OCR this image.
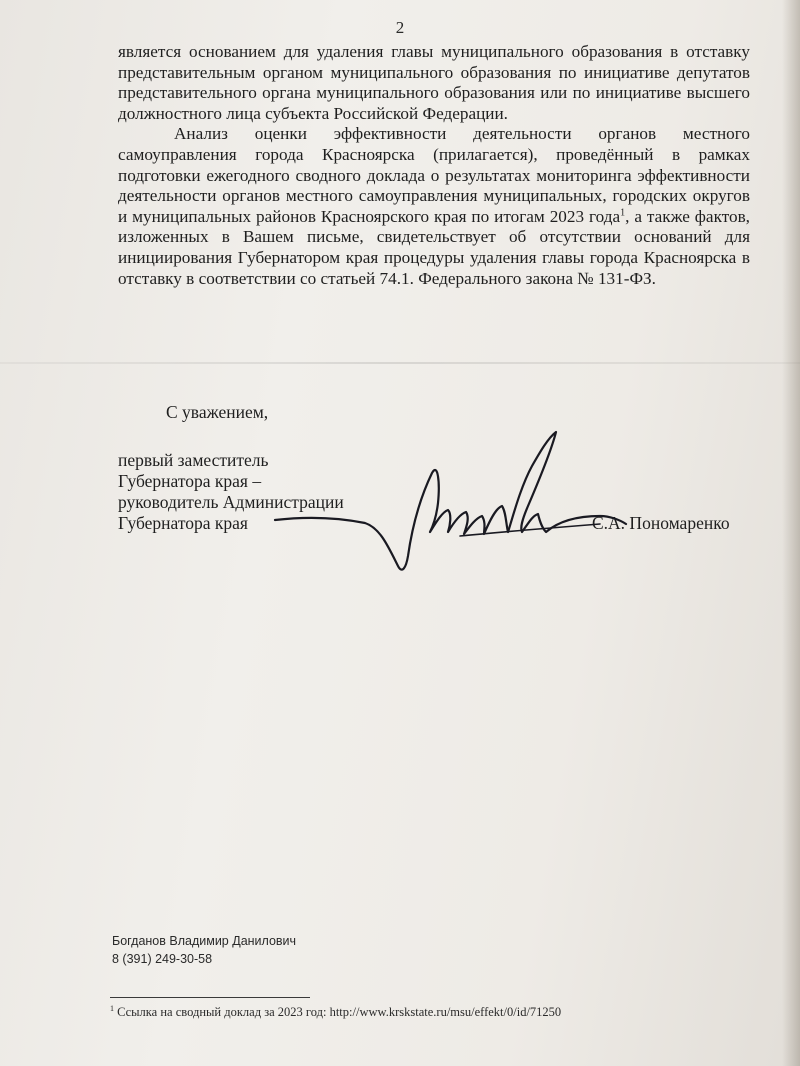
2

является основанием для удаления главы муниципального образования в отставку представительным органом муниципального образования по инициативе депутатов представительного органа муниципального образования или по инициативе высшего должностного лица субъекта Российской Федерации.

Анализ оценки эффективности деятельности органов местного самоуправления города Красноярска (прилагается), проведённый в рамках подготовки ежегодного сводного доклада о результатах мониторинга эффективности деятельности органов местного самоуправления муниципальных, городских округов и муниципальных районов Красноярского края по итогам 2023 года$^1$, а также фактов, изложенных в Вашем письме, свидетельствует об отсутствии оснований для инициирования Губернатором края процедуры удаления главы города Красноярска в отставку в соответствии со статьей 74.1. Федерального закона № 131-ФЗ.

С уважением,
первый заместитель
Губернатора края –
руководитель Администрации
Губернатора края	С.А. Пономаренко
Богданов Владимир Данилович
8 (391) 249-30-58
$^1$ Ссылка на сводный доклад за 2023 год: http://www.krskstate.ru/msu/effekt/0/id/71250
